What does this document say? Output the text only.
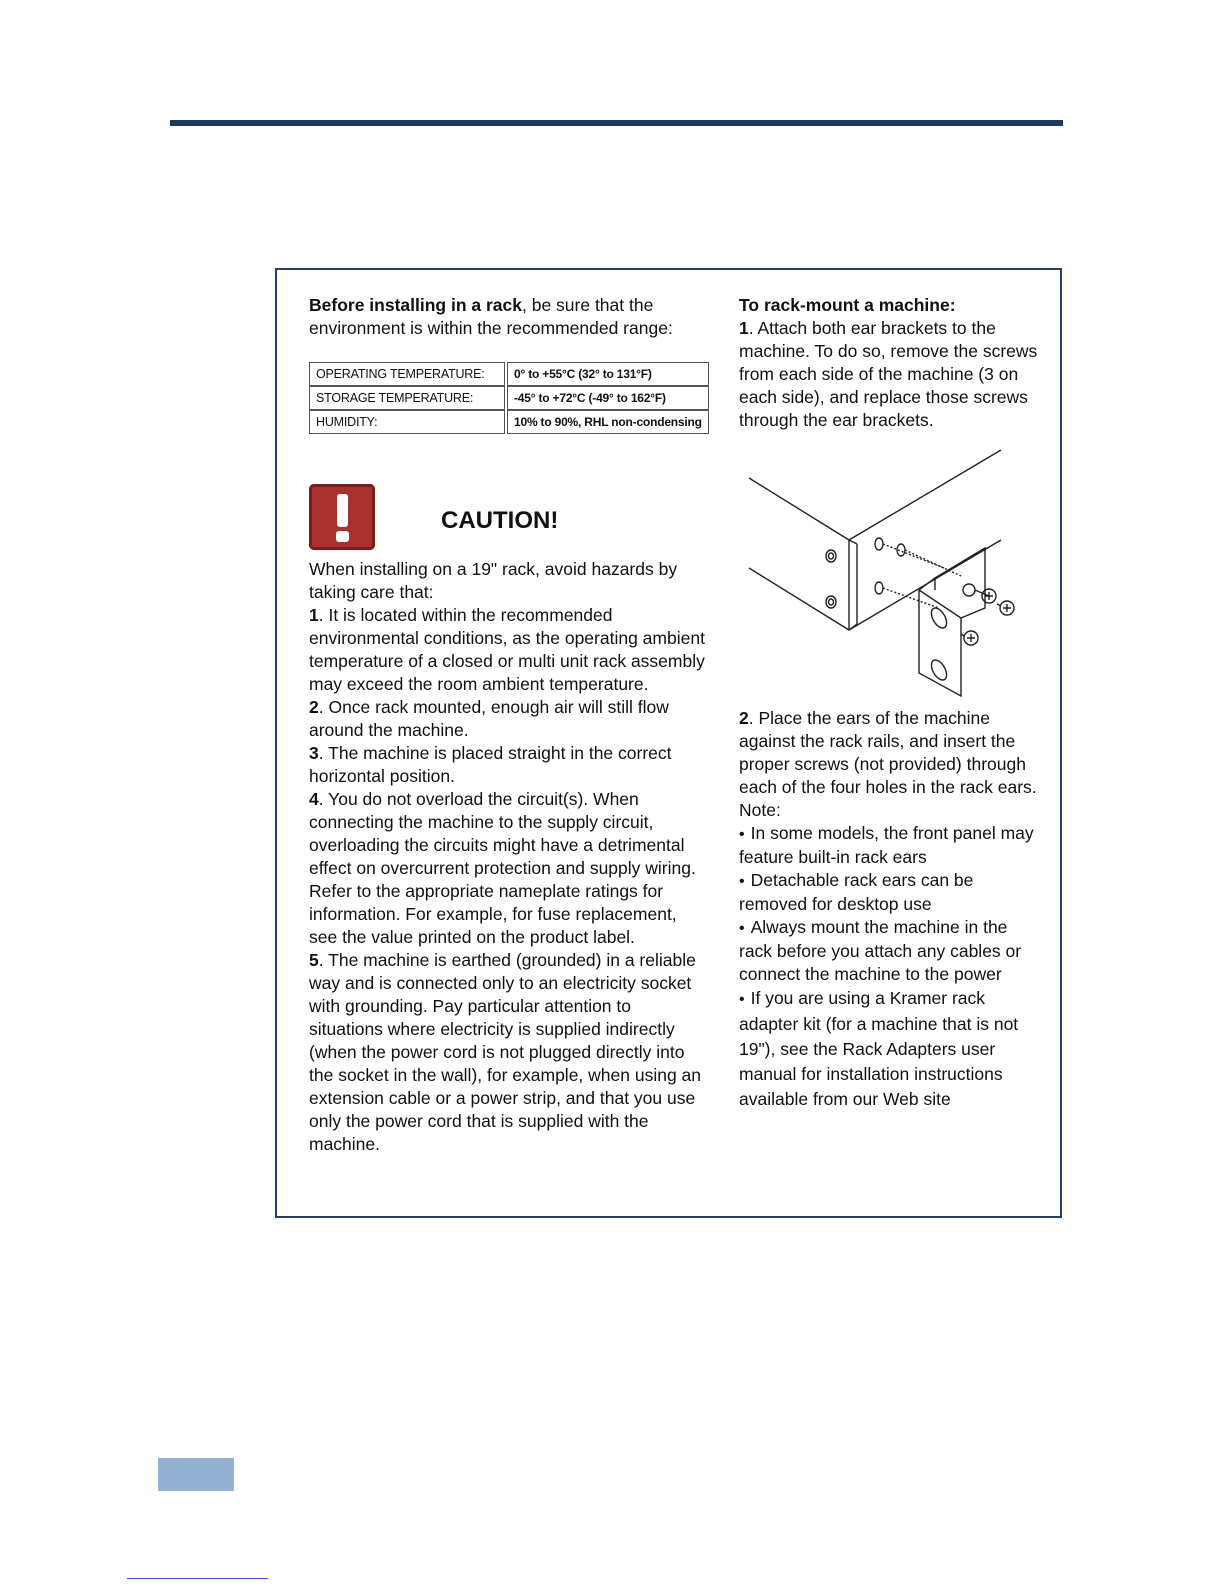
Before installing in a rack, be sure that the environment is within the recommended range:

OPERATING TEMPERATURE:		0° to +55°C (32° to 131°F)
STORAGE TEMPERATURE:		-45° to +72°C (-49° to 162°F)
HUMIDITY:		10% to 90%, RHL non-condensing
CAUTION!

When installing on a 19" rack, avoid hazards by taking care that:

1. It is located within the recommended environmental conditions, as the operating ambient temperature of a closed or multi unit rack assembly may exceed the room ambient temperature.

2. Once rack mounted, enough air will still flow around the machine.

3. The machine is placed straight in the correct horizontal position.

4. You do not overload the circuit(s). When connecting the machine to the supply circuit, overloading the circuits might have a detrimental effect on overcurrent protection and supply wiring. Refer to the appropriate nameplate ratings for information. For example, for fuse replacement, see the value printed on the product label.

5. The machine is earthed (grounded) in a reliable way and is connected only to an electricity socket with grounding. Pay particular attention to situations where electricity is supplied indirectly (when the power cord is not plugged directly into the socket in the wall), for example, when using an extension cable or a power strip, and that you use only the power cord that is supplied with the machine.

To rack-mount a machine:

1. Attach both ear brackets to the machine. To do so, remove the screws from each side of the machine (3 on each side), and replace those screws through the ear brackets.

2. Place the ears of the machine against the rack rails, and insert the proper screws (not provided) through each of the four holes in the rack ears.

Note:

• In some models, the front panel may feature built-in rack ears

• Detachable rack ears can be removed for desktop use

• Always mount the machine in the rack before you attach any cables or connect the machine to the power

• If you are using a Kramer rack adapter kit (for a machine that is not 19"), see the Rack Adapters user manual for installation instructions available from our Web site
